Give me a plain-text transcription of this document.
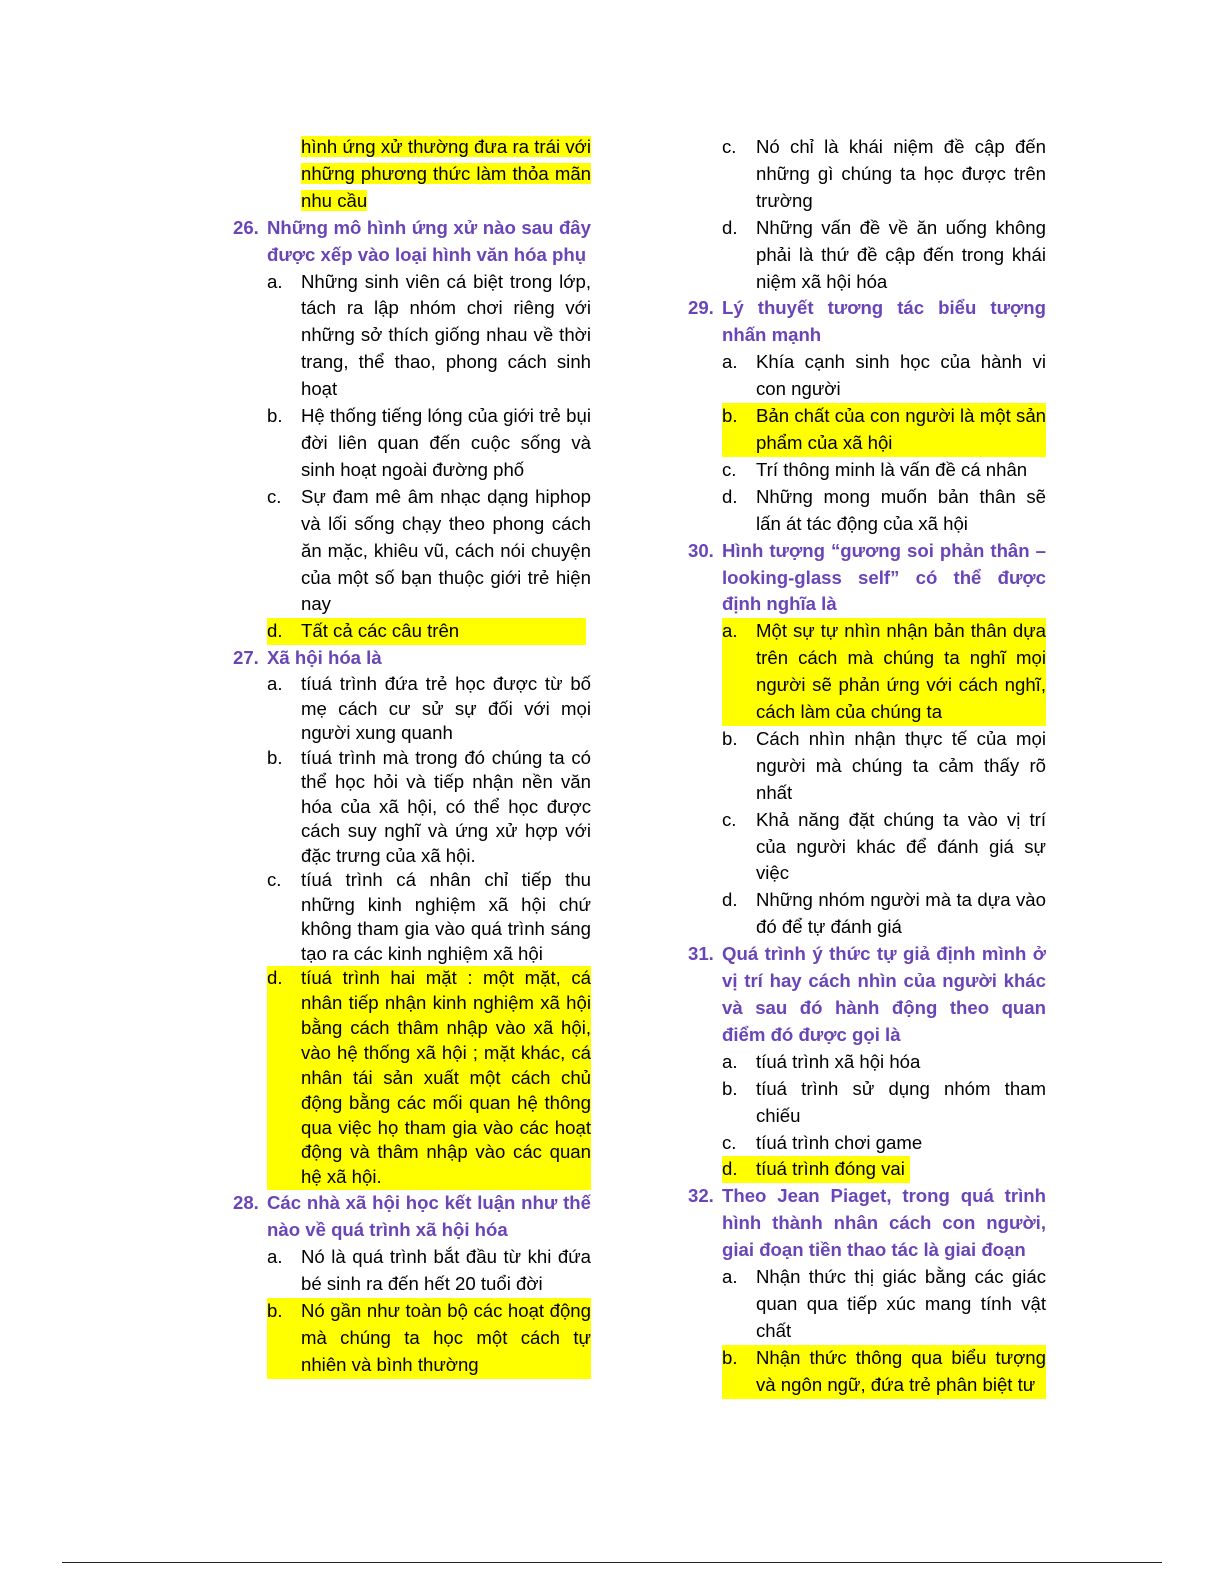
hình ứng xử thường đưa ra trái với những phương thức làm thỏa mãn nhu cầu
26. Những mô hình ứng xử nào sau đây được xếp vào loại hình văn hóa phụ
a. Những sinh viên cá biệt trong lớp, tách ra lập nhóm chơi riêng với những sở thích giống nhau về thời trang, thể thao, phong cách sinh hoạt
b. Hệ thống tiếng lóng của giới trẻ bụi đời liên quan đến cuộc sống và sinh hoạt ngoài đường phố
c.	Sự đam mê âm nhạc dạng hiphop và lối sống chạy theo phong cách ăn mặc, khiêu vũ, cách nói chuyện của một số bạn thuộc giới trẻ hiện nay
d. Tất cả các câu trên
27. Xã hội hóa là
a. tíuá trình đứa trẻ học được từ bố mẹ cách cư sử sự đối với mọi người xung quanh
b. tíuá trình mà trong đó chúng ta có thể học hỏi và tiếp nhận nền văn hóa của xã hội, có thể học được cách suy nghĩ và ứng xử hợp với đặc trưng của xã hội.
c.	tíuá trình cá nhân chỉ tiếp thu những kinh nghiệm xã hội chứ không tham gia vào quá trình sáng tạo ra các kinh nghiệm xã hội
d. tíuá trình hai mặt : một mặt, cá nhân tiếp nhận kinh nghiệm xã hội bằng cách thâm nhập vào xã hội, vào hệ thống xã hội ; mặt khác, cá nhân tái sản xuất một cách chủ động bằng các mối quan hệ thông qua việc họ tham gia vào các hoạt động và thâm nhập vào các quan hệ xã hội.
28. Các nhà xã hội học kết luận như thế nào về quá trình xã hội hóa
a. Nó là quá trình bắt đầu từ khi đứa bé sinh ra đến hết 20 tuổi đời
b. Nó gần như toàn bộ các hoạt động mà chúng ta học một cách tự nhiên và bình thường
c.	Nó chỉ là khái niệm đề cập đến những gì chúng ta học được trên trường
d. Những vấn đề về ăn uống không phải là thứ đề cập đến trong khái niệm xã hội hóa
29. Lý thuyết tương tác biểu tượng nhấn mạnh
a. Khía cạnh sinh học của hành vi con người
b. Bản chất của con người là một sản phẩm của xã hội
c.	Trí thông minh là vấn đề cá nhân
d. Những mong muốn bản thân sẽ lấn át tác động của xã hội
30. Hình tượng “gương soi phản thân – looking-glass self” có thể được định nghĩa là
a. Một sự tự nhìn nhận bản thân dựa trên cách mà chúng ta nghĩ mọi người sẽ phản ứng với cách nghĩ, cách làm của chúng ta
b. Cách nhìn nhận thực tế của mọi người mà chúng ta cảm thấy rõ nhất
c.	Khả năng đặt chúng ta vào vị trí của người khác để đánh giá sự việc
d. Những nhóm người mà ta dựa vào đó để tự đánh giá
31. Quá trình ý thức tự giả định mình ở vị trí hay cách nhìn của người khác và sau đó hành động theo quan điểm đó được gọi là
a. tíuá trình xã hội hóa
b. tíuá trình sử dụng nhóm tham chiếu
c.	tíuá trình chơi game
d. tíuá trình đóng vai
32. Theo Jean Piaget, trong quá trình hình thành nhân cách con người, giai đoạn tiền thao tác là giai đoạn
a. Nhận thức thị giác bằng các giác quan qua tiếp xúc mang tính vật chất
b. Nhận thức thông qua biểu tượng và ngôn ngữ, đứa trẻ phân biệt tư
